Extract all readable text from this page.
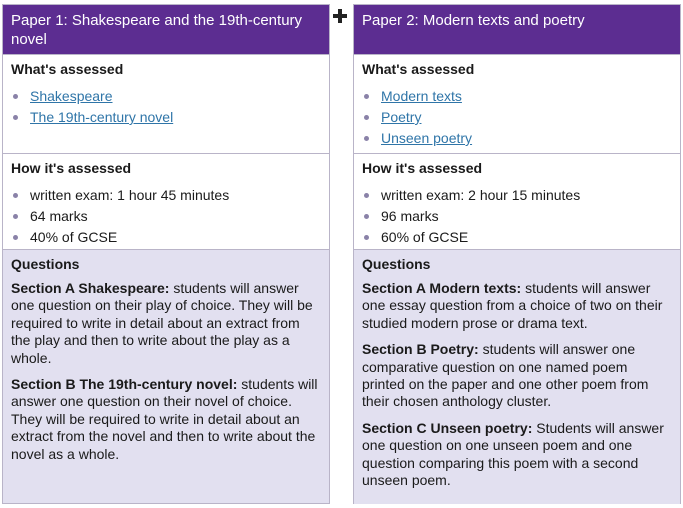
Paper 1: Shakespeare and the 19th-century novel
What's assessed
Shakespeare
The 19th-century novel
How it's assessed
written exam: 1 hour 45 minutes
64 marks
40% of GCSE
Questions

Section A Shakespeare: students will answer one question on their play of choice. They will be required to write in detail about an extract from the play and then to write about the play as a whole.

Section B The 19th-century novel: students will answer one question on their novel of choice. They will be required to write in detail about an extract from the novel and then to write about the novel as a whole.

Paper 2: Modern texts and poetry
What's assessed
Modern texts
Poetry
Unseen poetry
How it's assessed
written exam: 2 hour 15 minutes
96 marks
60% of GCSE
Questions

Section A Modern texts: students will answer one essay question from a choice of two on their studied modern prose or drama text.

Section B Poetry: students will answer one comparative question on one named poem printed on the paper and one other poem from their chosen anthology cluster.

Section C Unseen poetry: Students will answer one question on one unseen poem and one question comparing this poem with a second unseen poem.
